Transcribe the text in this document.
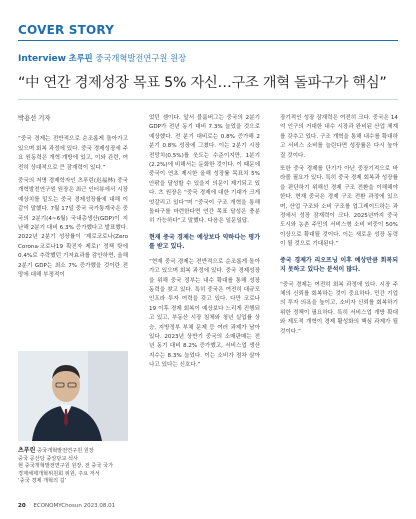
COVER STORY
Interview 초루핀 중국개혁발전연구원 원장
“中 연간 경제성장 목표 5% 자신…구조 개혁 돌파구가 핵심”
박용선 기자

“중국 경제는 전반적으로 순조롭게 돌아가고 있으며 회복 과정에 있다. 중국 경제성장세 주요 원동력은 개혁·개방에 있고, 이와 관련, 여전히 상대적으로 큰 잠재력이 있다.”

중국의 저명 경제학자인 츠푸린(迟福林) 중국개혁발전연구원 원장은 최근 인터뷰에서 시장 예상치를 밑도는 중국 경제성장률에 대해 이같이 말했다. 7월 17일 중국 국가통계국은 중국의 2분기(4~6월) 국내총생산(GDP)이 지난해 2분기 대비 6.3% 증가했다고 발표했다. 2022년 2분기 성장률이 ‘제로코로나(Zero Corona·코로나19 확진자 제로)’ 정책 탓에 0.4%로 추락했던 기저효과를 감안하면, 올해 2분기 GDP는 최소 7% 증가했을 것이란 전망에 대해 부정적이

었던 셈이다. 앞서 블룸버그는 중국의 2분기 GDP가 전년 동기 대비 7.3% 늘었을 것으로 예상했다. 전 분기 대비로는 0.8% 증가해 2분기 0.8% 성장에 그쳤다. 이는 2분기 시장 전망치(0.5%)를 웃도는 수준이지만, 1분기(2.2%)에 비해서는 둔화한 것이다. 이 때문에 중국이 연초 제시한 올해 성장률 목표치 5% 안팎을 달성할 수 있을지 의문이 제기되고 있다. 츠 원장은 “중국 경제에 대한 기대가 크게 엇갈리고 있다”며 “중국이 구조 개혁을 통해 돌파구를 마련한다면 연간 목표 달성은 충분히 가능하다”고 말했다. 다음은 일문일답.

현재 중국 경제는 예상보다 약하다는 평가를 받고 있다.

“현재 중국 경제는 전반적으로 순조롭게 돌아가고 있으며 회복 과정에 있다. 중국 경제성장을 위해 중국 정부는 내수 확대를 통해 성장 동력을 찾고 있다. 특히 중국은 여전히 대규모 인프라 투자 여력을 갖고 있다. 다만 코로나19 이후 경제 회복이 예상보다 느리게 진행되고 있고, 부동산 시장 침체와 청년 실업률 상승, 지방정부 부채 문제 등 여러 과제가 남아 있다. 2023년 상반기 중국의 소매판매는 전년 동기 대비 8.2% 증가했고, 서비스업 생산지수는 8.3% 늘었다. 이는 소비가 점차 살아나고 있다는 신호다.”

장기적인 성장 잠재력은 여전히 크다. 중국은 14억 인구의 거대한 내수 시장과 완비된 산업 체계를 갖추고 있다. 구조 개혁을 통해 내수를 확대하고 서비스 소비를 늘린다면 성장률은 다시 높아질 것이다.

또한 중국 경제를 단기가 아닌 중장기적으로 바라볼 필요가 있다. 특히 중국 경제 회복과 성장률을 판단하기 위해선 경제 구조 전환을 이해해야 한다. 현재 중국은 경제 구조 전환 과정에 있으며, 산업 구조와 소비 구조를 업그레이드하는 과정에서 성장 잠재력이 크다. 2025년까지 중국 도시와 농촌 주민의 서비스형 소비 비중이 50% 이상으로 확대될 것이다. 이는 새로운 성장 동력이 될 것으로 기대된다.”

중국 경제가 리오프닝 이후 예상만큼 회복되지 못하고 있다는 분석이 많다.

“중국 경제는 여전히 회복 과정에 있다. 시장 주체의 신뢰를 회복하는 것이 중요하다. 민간 기업의 투자 의욕을 높이고, 소비자 신뢰를 회복하기 위한 정책이 필요하다. 특히 서비스업 개방 확대와 제도적 개혁이 경제 활성화의 핵심 과제가 될 것이다.”

츠푸린 중국개혁발전연구원 원장
중국 공산당 중앙당교 석사
현 중국개혁발전연구원 원장, 전 중국 국가
경제체제개혁위원회 위원, 주요 저서
‘중국 경제 개혁의 길’
20 ECONOMYChosun 2023.08.01
